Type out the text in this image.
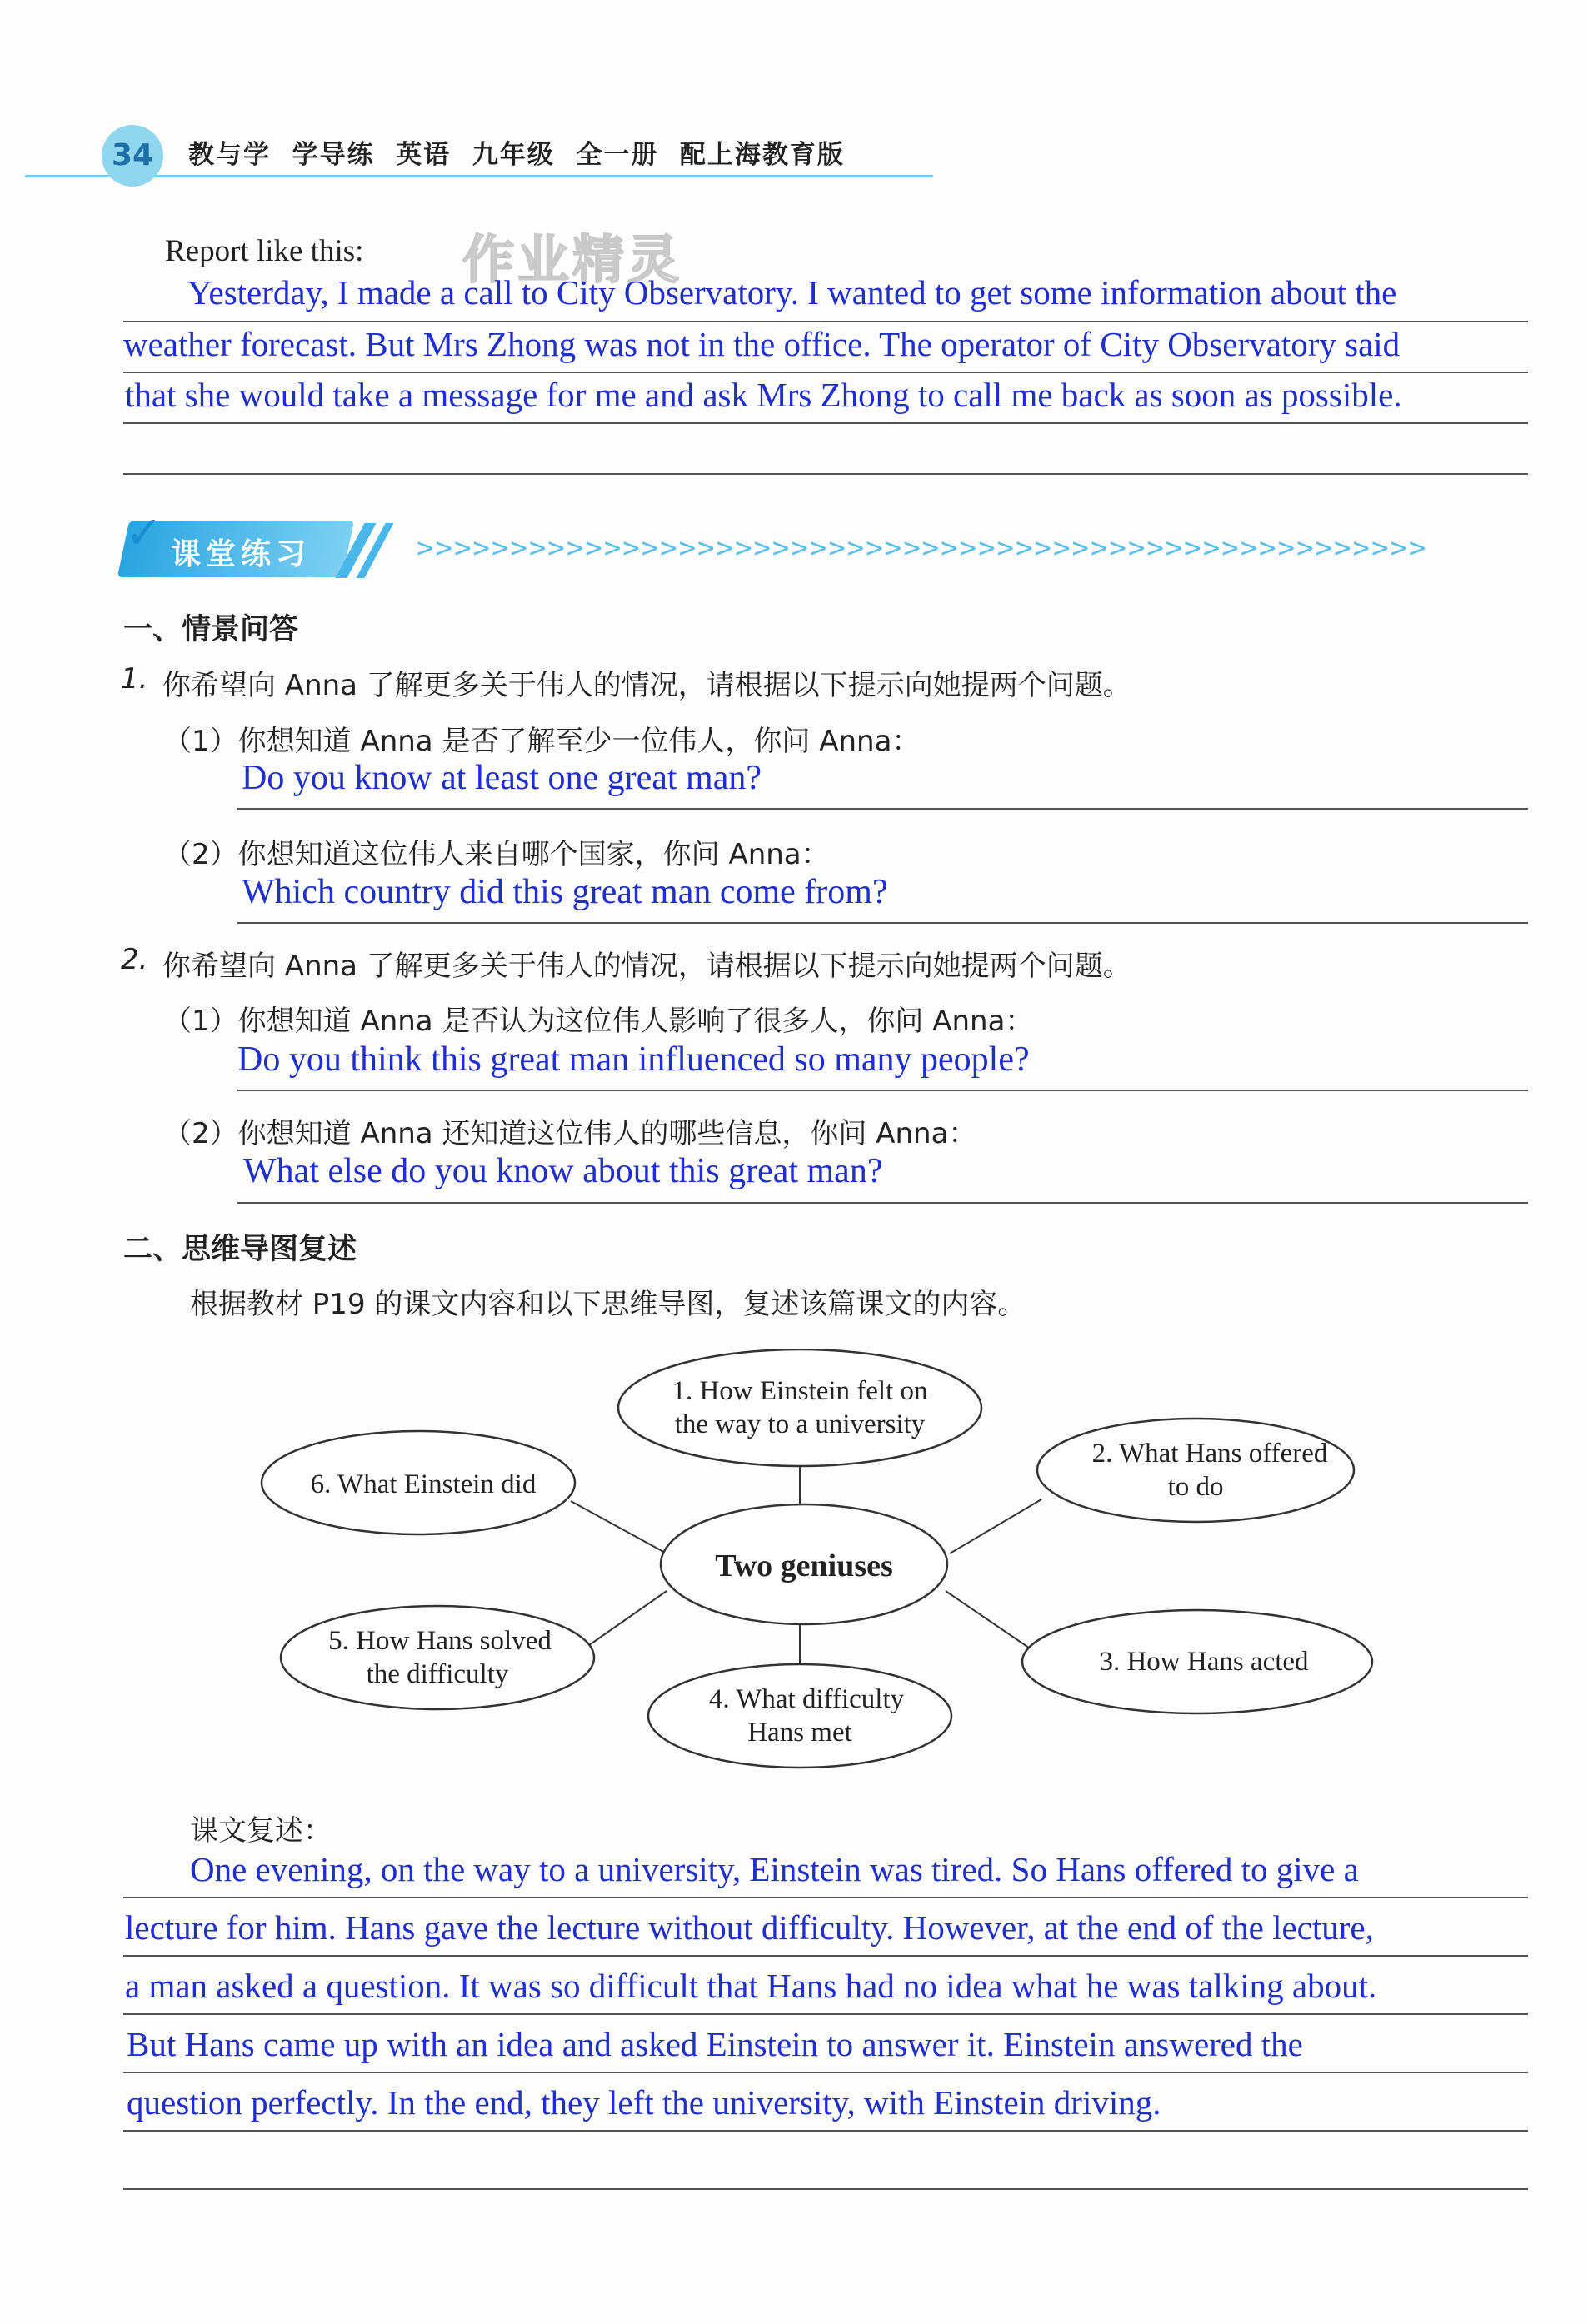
34	教与学  学导练  英语  九年级  全一册  配上海教育版
作业精灵
Report like this:
Yesterday, I made a call to City Observatory. I wanted to get some information about the
weather forecast. But Mrs Zhong was not in the office. The operator of City Observatory said
that she would take a message for me and ask Mrs Zhong to call me back as soon as possible.
✓ 课堂练习	>>>>>>>>>>>>>>>>>>>>>>>>>>>>>>>>>>>>>>>>>>>>>>>>>>>>>>
一、情景问答
1. 你希望向 Anna 了解更多关于伟人的情况，请根据以下提示向她提两个问题。
（1）你想知道 Anna 是否了解至少一位伟人，你问 Anna：
Do you know at least one great man?
（2）你想知道这位伟人来自哪个国家，你问 Anna：
Which country did this great man come from?
2. 你希望向 Anna 了解更多关于伟人的情况，请根据以下提示向她提两个问题。
（1）你想知道 Anna 是否认为这位伟人影响了很多人，你问 Anna：
Do you think this great man influenced so many people?
（2）你想知道 Anna 还知道这位伟人的哪些信息，你问 Anna：
What else do you know about this great man?
二、思维导图复述
根据教材 P19 的课文内容和以下思维导图，复述该篇课文的内容。
1. How Einstein felt on
the way to a university
2. What Hans offered
to do
3. How Hans acted
4. What difficulty
Hans met
5. How Hans solved
the difficulty
6. What Einstein did
Two geniuses
课文复述：
One evening, on the way to a university, Einstein was tired. So Hans offered to give a
lecture for him. Hans gave the lecture without difficulty. However, at the end of the lecture,
a man asked a question. It was so difficult that Hans had no idea what he was talking about.
But Hans came up with an idea and asked Einstein to answer it. Einstein answered the
question perfectly. In the end, they left the university, with Einstein driving.
